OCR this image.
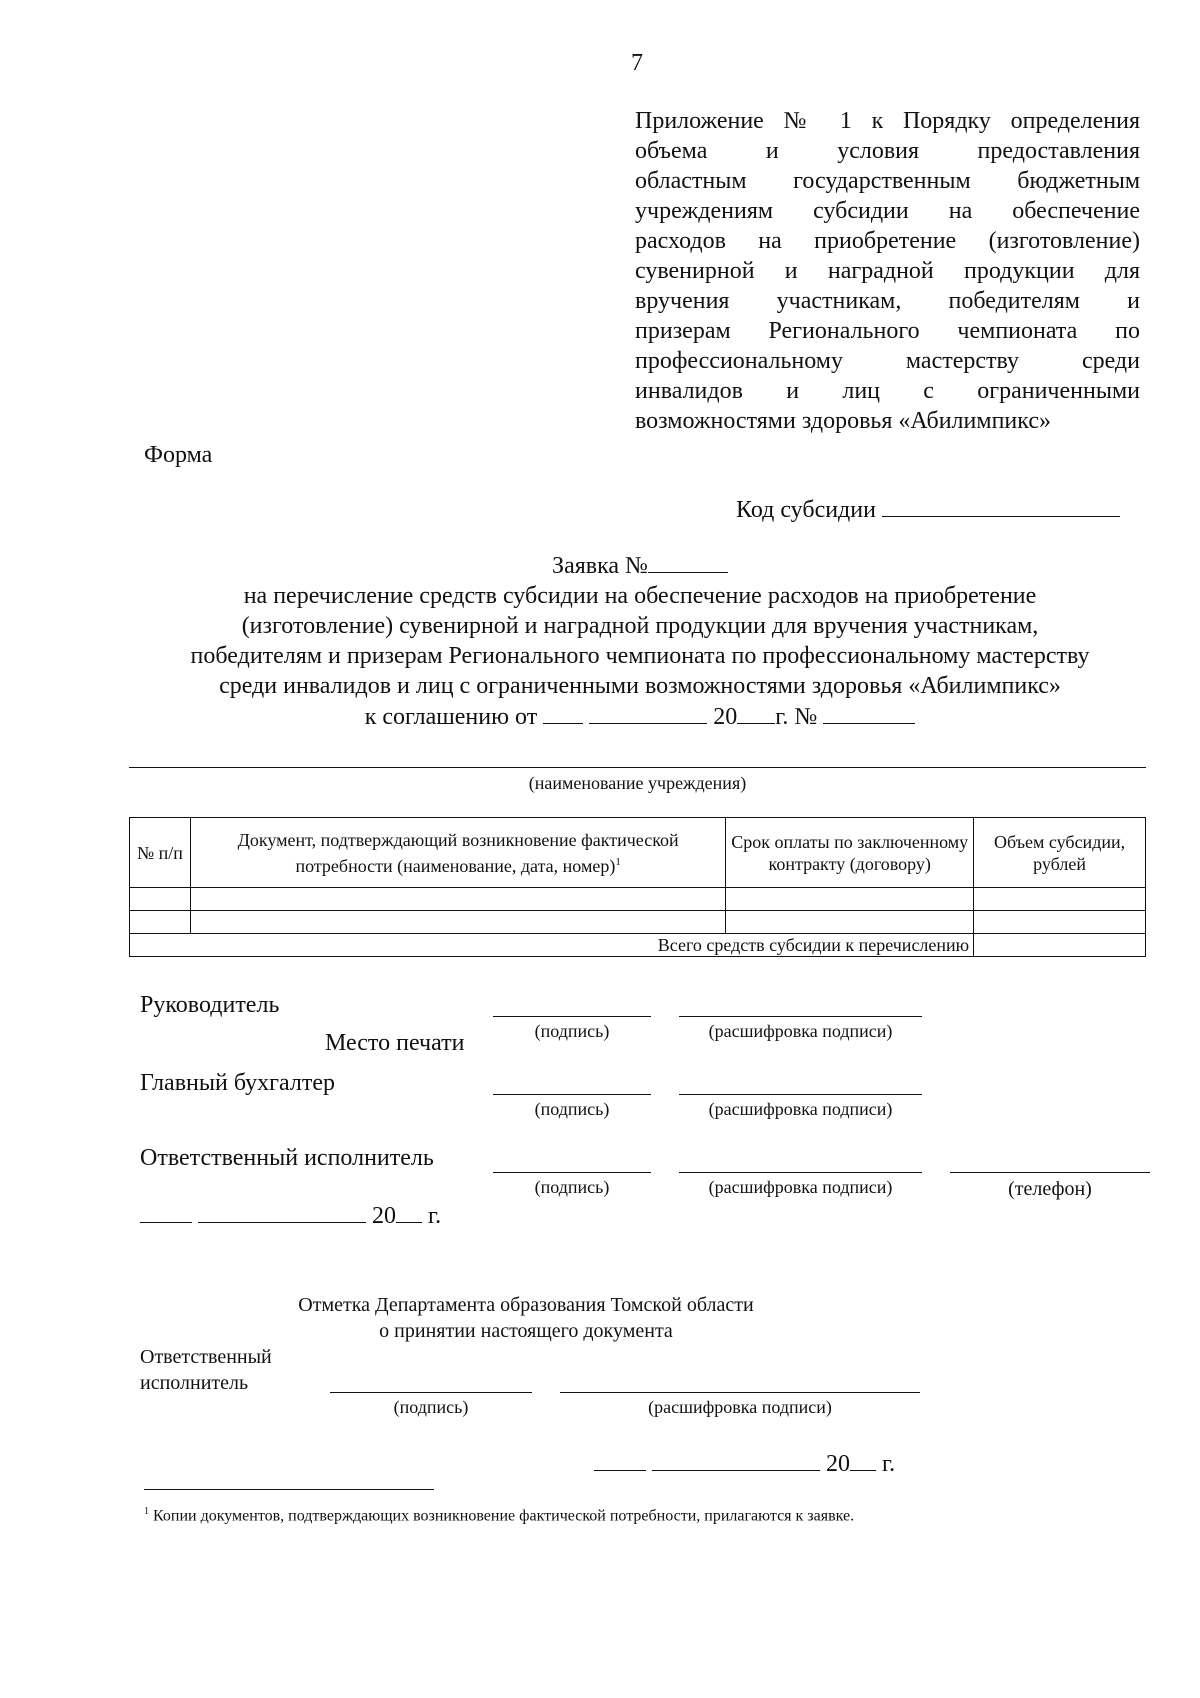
7
Приложение № 1 к Порядку определения
объема и условия предоставления
областным государственным бюджетным
учреждениям субсидии на обеспечение
расходов на приобретение (изготовление)
сувенирной и наградной продукции для
вручения участникам, победителям и
призерам Регионального чемпионата по
профессиональному мастерству среди
инвалидов и лиц с ограниченными
возможностями здоровья «Абилимпикс»
Форма
Код субсидии
Заявка №
на перечисление средств субсидии на обеспечение расходов на приобретение
(изготовление) сувенирной и наградной продукции для вручения участникам,
победителям и призерам Регионального чемпионата по профессиональному мастерству
среди инвалидов и лиц с ограниченными возможностями здоровья «Абилимпикс»
к соглашению от	20 г. №
(наименование учреждения)
№ п/п	Документ, подтверждающий возникновение фактической потребности (наименование, дата, номер)$^1$	Срок оплаты по заключенному контракту (договору)	Объем субсидии, рублей

Всего средств субсидии к перечислению			
Руководитель
(подпись)	(расшифровка подписи)
Место печати
Главный бухгалтер
(подпись)	(расшифровка подписи)
Ответственный исполнитель
(подпись)	(расшифровка подписи)	(телефон)
20 г.
Отметка Департамента образования Томской области
о принятии настоящего документа
Ответственный
исполнитель
(подпись)	(расшифровка подписи)
20 г.
$^1$ Копии документов, подтверждающих возникновение фактической потребности, прилагаются к заявке.
